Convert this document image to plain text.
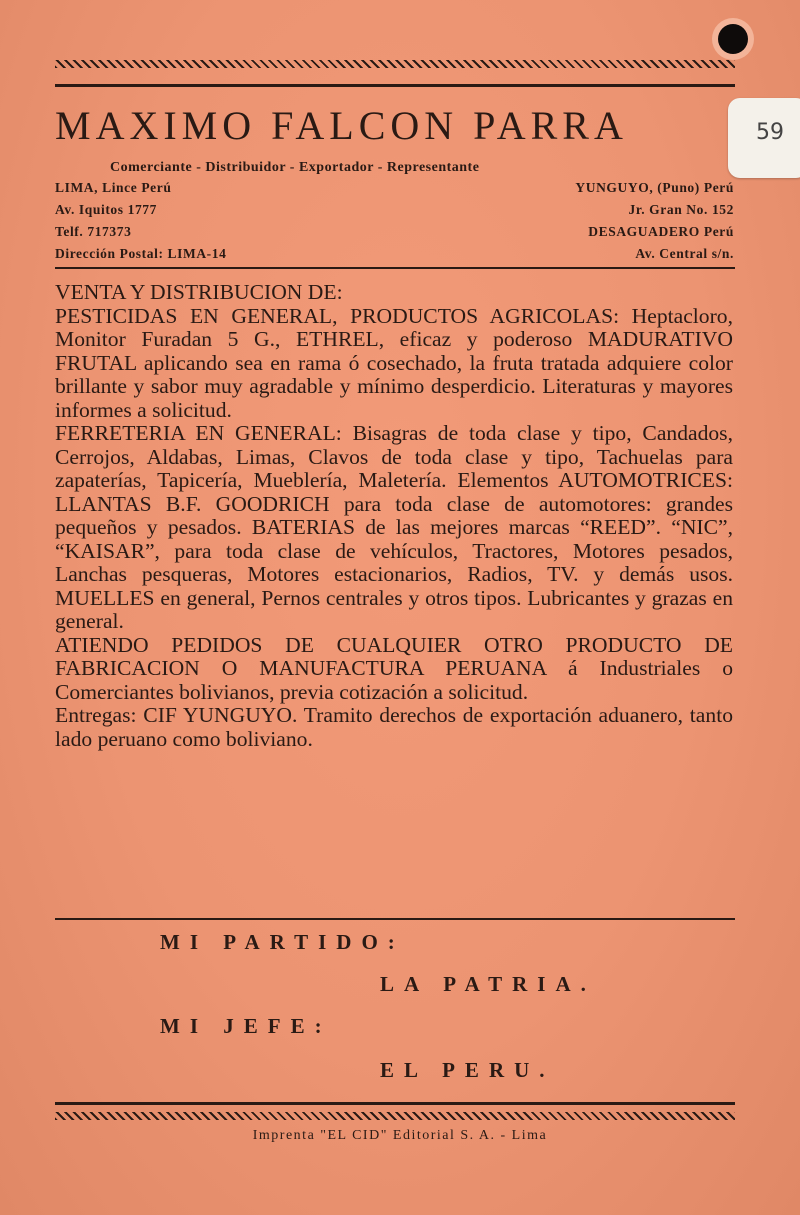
59
MAXIMO FALCON PARRA
Comerciante - Distribuidor - Exportador - Representante
LIMA, Lince Perú
Av. Iquitos 1777
Telf. 717373
Dirección Postal: LIMA-14
YUNGUYO, (Puno) Perú
Jr. Gran No. 152
DESAGUADERO Perú
Av. Central s/n.

VENTA Y DISTRIBUCION DE:

PESTICIDAS EN GENERAL, PRODUCTOS AGRICOLAS: Heptacloro, Monitor Furadan 5 G., ETHREL, eficaz y poderoso MADURATIVO FRUTAL aplicando sea en rama ó cosechado, la fruta tratada adquiere color brillante y sabor muy agradable y mínimo desperdicio. Literaturas y mayores informes a solicitud.

FERRETERIA EN GENERAL: Bisagras de toda clase y tipo, Candados, Cerrojos, Aldabas, Limas, Clavos de toda clase y tipo, Tachuelas para zapaterías, Tapicería, Mueblería, Maletería. Elementos AUTOMOTRICES: LLANTAS B.F. GOODRICH para toda clase de automotores: grandes pequeños y pesados. BATERIAS de las mejores marcas “REED”. “NIC”, “KAISAR”, para toda clase de vehículos, Tractores, Motores pesados, Lanchas pesqueras, Motores estacionarios, Radios, TV. y demás usos. MUELLES en general, Pernos centrales y otros tipos. Lubricantes y grazas en general.

ATIENDO PEDIDOS DE CUALQUIER OTRO PRODUCTO DE FABRICACION O MANUFACTURA PERUANA á Industriales o Comerciantes bolivianos, previa cotización a solicitud.

Entregas: CIF YUNGUYO. Tramito derechos de exportación aduanero, tanto lado peruano como boliviano.

MI PARTIDO:
LA PATRIA.
MI JEFE:
EL PERU.
Imprenta "EL CID" Editorial S. A. - Lima
